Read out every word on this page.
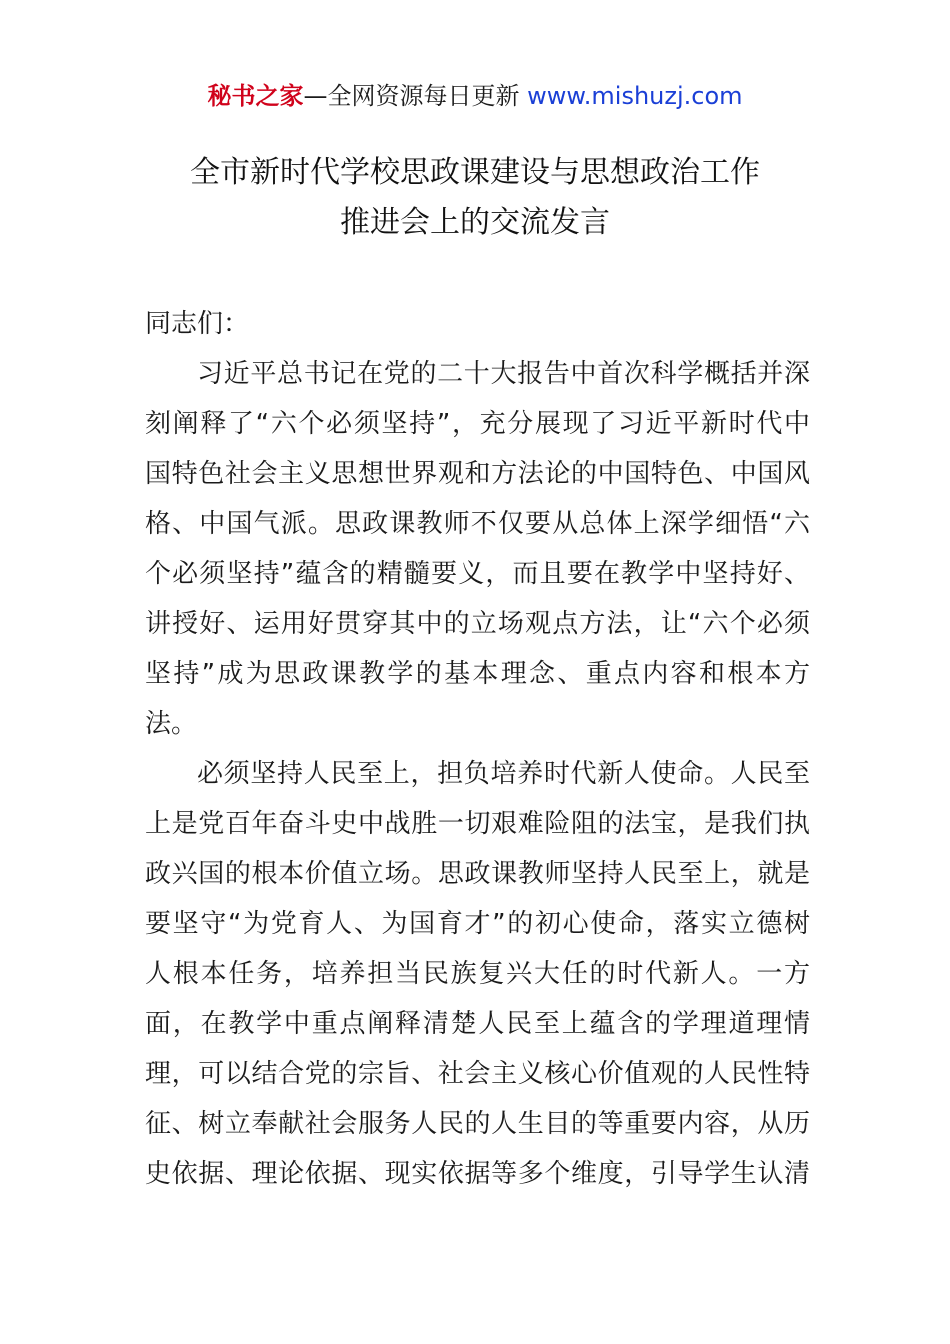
秘书之家—全网资源每日更新 www.mishuzj.com
全市新时代学校思政课建设与思想政治工作
推进会上的交流发言
同志们：
习近平总书记在党的二十大报告中首次科学概括并深
刻阐释了“六个必须坚持”，充分展现了习近平新时代中
国特色社会主义思想世界观和方法论的中国特色、中国风
格、中国气派。思政课教师不仅要从总体上深学细悟“六
个必须坚持”蕴含的精髓要义，而且要在教学中坚持好、
讲授好、运用好贯穿其中的立场观点方法，让“六个必须
坚持”成为思政课教学的基本理念、重点内容和根本方
法。
必须坚持人民至上，担负培养时代新人使命。人民至
上是党百年奋斗史中战胜一切艰难险阻的法宝，是我们执
政兴国的根本价值立场。思政课教师坚持人民至上，就是
要坚守“为党育人、为国育才”的初心使命，落实立德树
人根本任务，培养担当民族复兴大任的时代新人。一方
面，在教学中重点阐释清楚人民至上蕴含的学理道理情
理，可以结合党的宗旨、社会主义核心价值观的人民性特
征、树立奉献社会服务人民的人生目的等重要内容，从历
史依据、理论依据、现实依据等多个维度，引导学生认清
